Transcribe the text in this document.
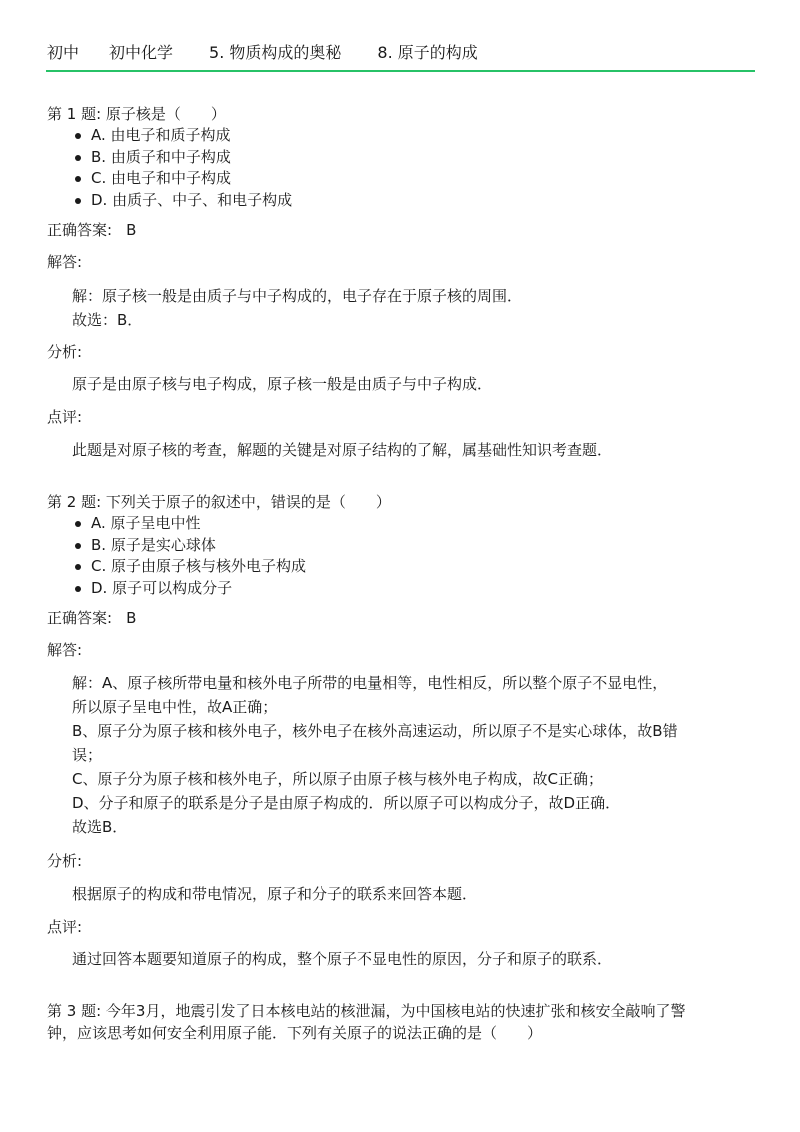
初中 初中化学 5. 物质构成的奥秘 8. 原子的构成
第 1 题: 原子核是（　　）
A. 由电子和质子构成
B. 由质子和中子构成
C. 由电子和中子构成
D. 由质子、中子、和电子构成
正确答案: B
解答:
解：原子核一般是由质子与中子构成的，电子存在于原子核的周围．
故选：B．
分析:
原子是由原子核与电子构成，原子核一般是由质子与中子构成．
点评:
此题是对原子核的考查，解题的关键是对原子结构的了解，属基础性知识考查题．
第 2 题: 下列关于原子的叙述中，错误的是（　　）
A. 原子呈电中性
B. 原子是实心球体
C. 原子由原子核与核外电子构成
D. 原子可以构成分子
正确答案: B
解答:
解：A、原子核所带电量和核外电子所带的电量相等，电性相反，所以整个原子不显电性，
所以原子呈电中性，故A正确；
B、原子分为原子核和核外电子，核外电子在核外高速运动，所以原子不是实心球体，故B错
误；
C、原子分为原子核和核外电子，所以原子由原子核与核外电子构成，故C正确；
D、分子和原子的联系是分子是由原子构成的．所以原子可以构成分子，故D正确．
故选B．
分析:
根据原子的构成和带电情况，原子和分子的联系来回答本题．
点评:
通过回答本题要知道原子的构成，整个原子不显电性的原因，分子和原子的联系．
第 3 题: 今年3月，地震引发了日本核电站的核泄漏，为中国核电站的快速扩张和核安全敲响了警
钟，应该思考如何安全利用原子能．下列有关原子的说法正确的是（　　）
